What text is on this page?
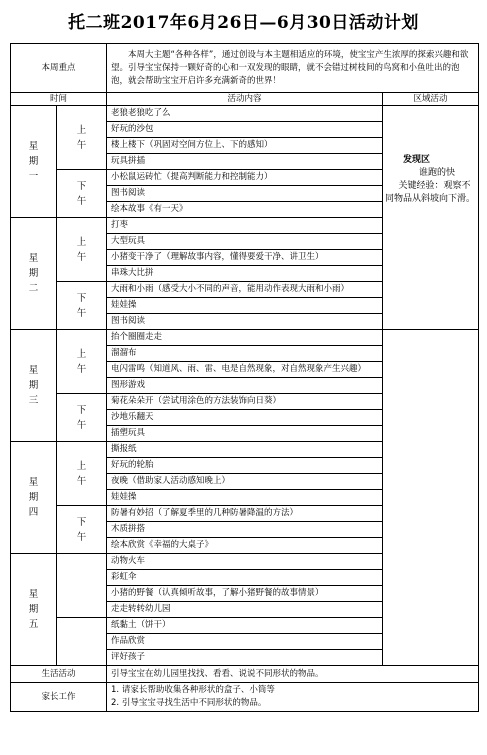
托二班2017年6月26日—6月30日活动计划
本周重点		本周大主题“各种各样”，通过创设与本主题相适应的环境，使宝宝产生浓厚的探索兴趣和欲望。引导宝宝保持一颗好奇的心和一双发现的眼睛，就不会错过树枝间的鸟窝和小鱼吐出的泡泡，就会帮助宝宝开启许多充满新奇的世界！	
时间		活动内容	区域活动
星期一	上午	老狼老狼吃了么	发现区
谁跑的快
关键经验：观察不同物品从斜坡向下滑。

		好玩的沙包	
		楼上楼下（巩固对空间方位上、下的感知）	
		玩具拼插	
	下午	小松鼠运砖忙（提高判断能力和控制能力）	
		图书阅读	
		绘本故事《有一天》	
星期二	上午	打枣	
		大型玩具	
		小猪变干净了（理解故事内容，懂得要爱干净、讲卫生）	
		串珠大比拼	
	下午	大雨和小雨（感受大小不同的声音，能用动作表现大雨和小雨）	
		娃娃操	
		图书阅读	
星期三	上午	抬个圈圈走走	
		溜溜布	
		电闪雷鸣（知道风、雨、雷、电是自然现象，对自然现象产生兴趣）	
		图形游戏	
	下午	菊花朵朵开（尝试用涂色的方法装饰向日葵）	
		沙地乐翻天	
		插塑玩具	
星期四	上午	撕报纸	
		好玩的轮胎	
		夜晚（借助家人活动感知晚上）	
		娃娃操	
	下午	防暑有妙招（了解夏季里的几种防暑降温的方法）	
		木质拼搭	
		绘本欣赏《幸福的大桌子》	
星期五		动物火车	
		彩虹伞	
		小猪的野餐（认真倾听故事，了解小猪野餐的故事情景）	
		走走转转幼儿园	
		纸黏土（饼干）	
		作品欣赏	
		评好孩子	
生活活动		引导宝宝在幼儿园里找找、看看、说说不同形状的物品。	
家长工作		1. 请家长帮助收集各种形状的盒子、小筒等
2. 引导宝宝寻找生活中不同形状的物品。	
